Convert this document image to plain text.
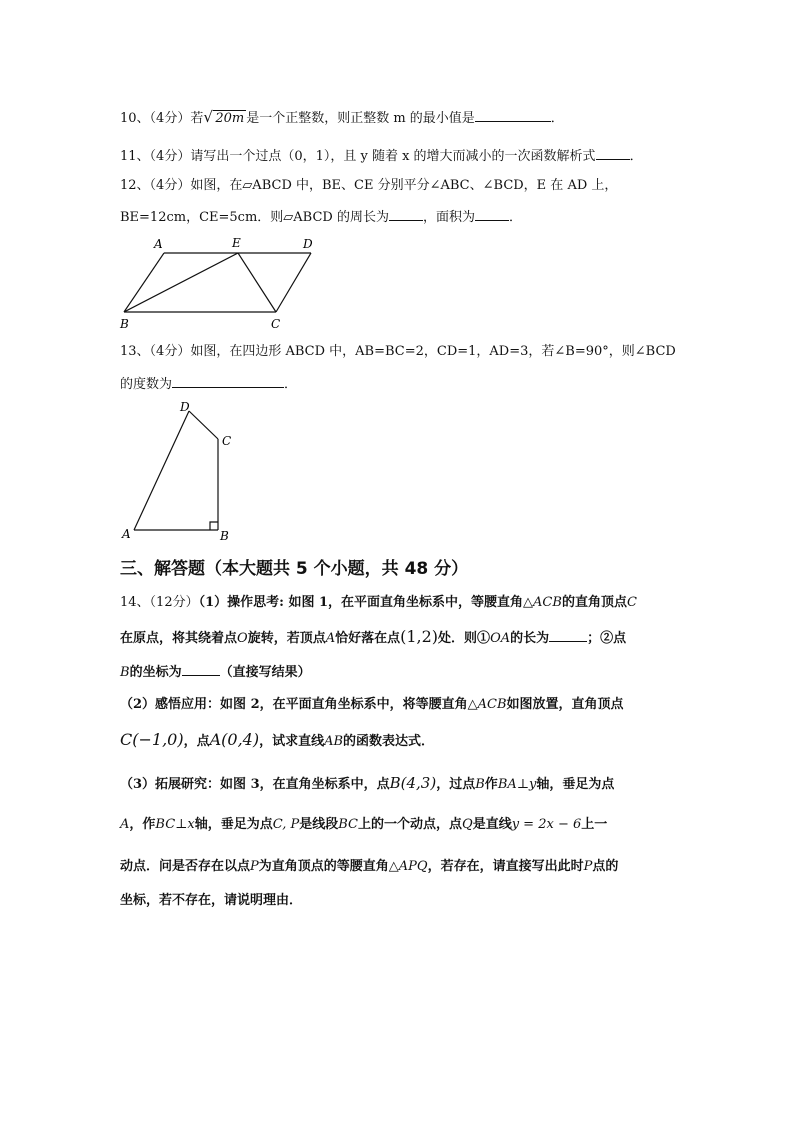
10、（4分）若 √ 20m 是一个正整数，则正整数 m 的最小值是	．
11、（4分）请写出一个过点（0，1），且 y 随着 x 的增大而减小的一次函数解析式	．
12、（4分）如图，在▱ABCD 中，BE、CE 分别平分∠ABC、∠BCD，E 在 AD 上，
BE=12cm，CE=5cm．则▱ABCD 的周长为	，面积为	．
A	E	D
B	C
13、（4分）如图，在四边形 ABCD 中，AB=BC=2，CD=1，AD=3，若∠B=90°，则∠BCD
的度数为	．
D
C
A	B
三、解答题（本大题共 5 个小题，共 48 分）
14、（12分）（1）操作思考: 如图 1，在平面直角坐标系中，等腰直角△ACB的直角顶点C
在原点，将其绕着点O旋转，若顶点A恰好落在点(1,2)处．则①OA的长为	；②点
B的坐标为	（直接写结果）
（2）感悟应用：如图 2，在平面直角坐标系中，将等腰直角△ACB如图放置，直角顶点
C(−1,0)，点A(0,4)，试求直线AB的函数表达式．
（3）拓展研究：如图 3，在直角坐标系中，点B(4,3)，过点B作BA⊥y轴，垂足为点
A，作BC⊥x轴，垂足为点C, P是线段BC上的一个动点，点Q是直线y = 2x − 6上一
动点．问是否存在以点P为直角顶点的等腰直角△APQ，若存在，请直接写出此时P点的
坐标，若不存在，请说明理由．
